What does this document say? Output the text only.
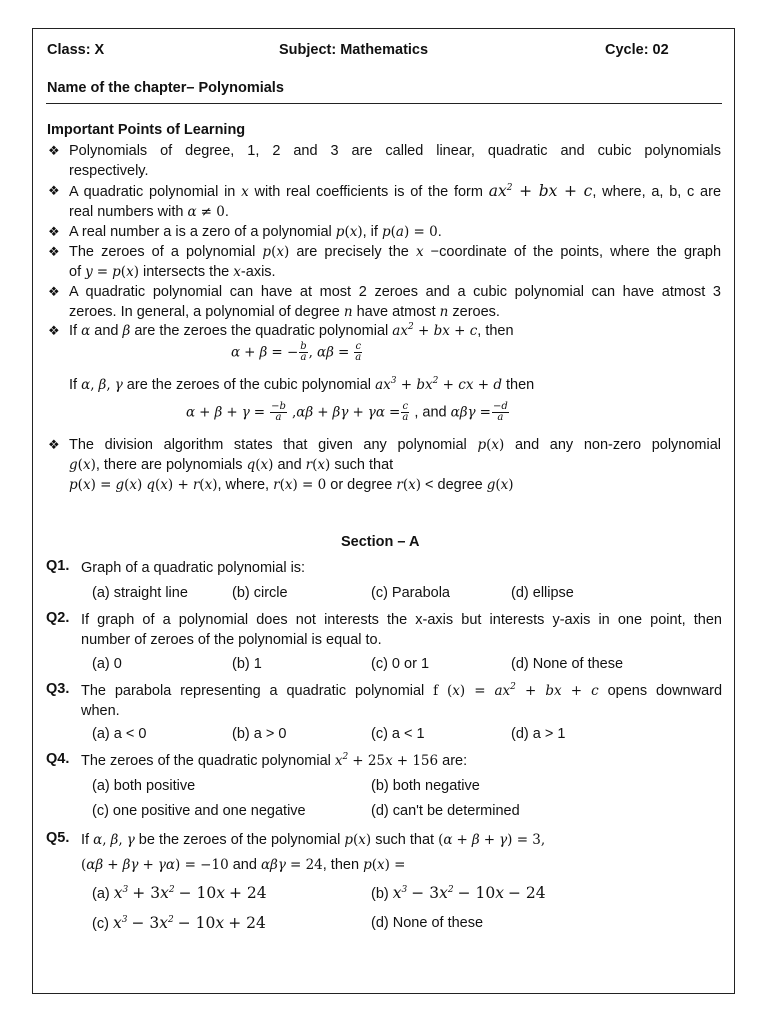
Class: X	Subject: Mathematics	Cycle: 02
Name of the chapter– Polynomials
Important Points of Learning
❖ Polynomials of degree, 1, 2 and 3 are called linear, quadratic and cubic polynomials
respectively.
❖ A quadratic polynomial in x with real coefficients is of the form $ax^2$ + bx + c, where, a, b, c are
real numbers with α ≠ 0.
❖ A real number a is a zero of a polynomial p(x), if p(a) = 0.
❖ The zeroes of a polynomial p(x) are precisely the x −coordinate of the points, where the graph
of y = p(x) intersects the x-axis.
❖ A quadratic polynomial can have at most 2 zeroes and a cubic polynomial can have atmost 3
zeroes. In general, a polynomial of degree n have atmost n zeroes.
❖ If α and β are the zeroes the quadratic polynomial $ax^2$ + bx + c, then
α + β = − $\frac{b}{a}$ , $\alpha\beta = \frac{c}{a}$
If α, β, γ are the zeroes of the cubic polynomial $ax^3 + bx^2$ + cx + d then
$\alpha + \beta + \gamma = \frac{-b}{a} ,\alpha\beta + \beta\gamma + \gamma\alpha = \frac{c}{a}$ , and $\alpha\beta\gamma = \frac{-d}{a}$
❖ The division algorithm states that given any polynomial p(x) and any non-zero polynomial
g(x), there are polynomials q(x) and r(x) such that
p(x) = g(x) q(x) + r(x), where, r(x) = 0 or degree r(x) < degree g(x)
Section – A
Q1. Graph of a quadratic polynomial is:
(a) straight line	(b) circle	(c) Parabola	(d) ellipse
Q2. If graph of a polynomial does not interests the x-axis but interests y-axis in one point, then
number of zeroes of the polynomial is equal to.
(a) 0	(b) 1	(c) 0 or 1	(d) None of these
Q3. The parabola representing a quadratic polynomial f $(x) = ax^2$ + bx + c opens downward
when.
(a) a < 0	(b) a > 0	(c) a < 1	(d) a > 1
Q4. The zeroes of the quadratic polynomial $x^2 + 25x + 156$ are:
(a) both positive	(b) both negative
(c) one positive and one negative	(d) can't be determined
Q5. If α, β, γ be the zeroes of the polynomial p(x) such that (α + β + γ) = 3,
(αβ + βγ + γα) = −10 and αβγ = 24, then p(x) =
(a) $x^3 + 3x^2 - 10x + 24$	(b) $x^3 - 3x^2 - 10x - 24$
(c) $x^3 - 3x^2 - 10x + 24$	(d) None of these
